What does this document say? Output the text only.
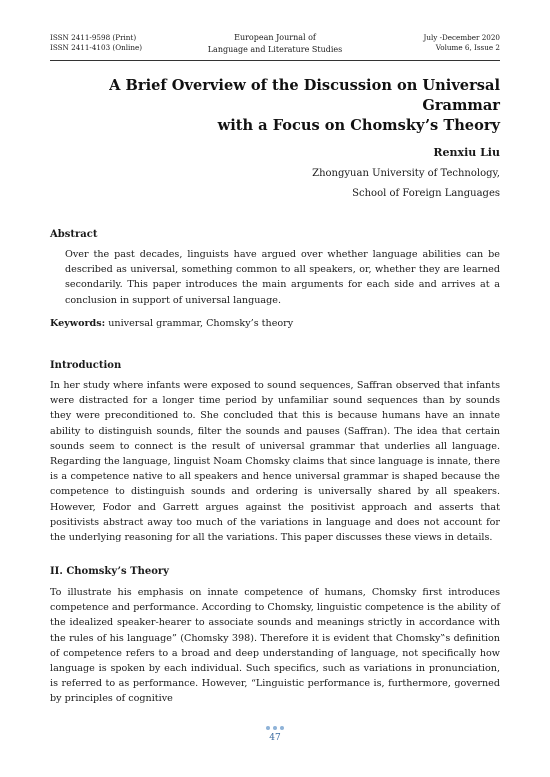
ISSN 2411-9598 (Print)
ISSN 2411-4103 (Online)
European Journal of
Language and Literature Studies
July -December 2020
Volume 6, Issue 2
A Brief Overview of the Discussion on Universal Grammar
with a Focus on Chomsky’s Theory
Renxiu Liu
Zhongyuan University of Technology,
School of Foreign Languages
Abstract
Over the past decades, linguists have argued over whether language abilities can be described as universal, something common to all speakers, or, whether they are learned secondarily. This paper introduces the main arguments for each side and arrives at a conclusion in support of universal language.
Keywords: universal grammar, Chomsky’s theory
Introduction
In her study where infants were exposed to sound sequences, Saffran observed that infants were distracted for a longer time period by unfamiliar sound sequences than by sounds they were preconditioned to. She concluded that this is because humans have an innate ability to distinguish sounds, filter the sounds and pauses (Saffran). The idea that certain sounds seem to connect is the result of universal grammar that underlies all language. Regarding the language, linguist Noam Chomsky claims that since language is innate, there is a competence native to all speakers and hence universal grammar is shaped because the competence to distinguish sounds and ordering is universally shared by all speakers. However, Fodor and Garrett argues against the positivist approach and asserts that positivists abstract away too much of the variations in language and does not account for the underlying reasoning for all the variations. This paper discusses these views in details.
II. Chomsky’s Theory
To illustrate his emphasis on innate competence of humans, Chomsky first introduces competence and performance. According to Chomsky, linguistic competence is the ability of the idealized speaker-hearer to associate sounds and meanings strictly in accordance with the rules of his language” (Chomsky 398). Therefore it is evident that Chomsky‟s definition of competence refers to a broad and deep understanding of language, not specifically how language is spoken by each individual. Such specifics, such as variations in pronunciation, is referred to as performance. However, “Linguistic performance is, furthermore, governed by principles of cognitive
47
